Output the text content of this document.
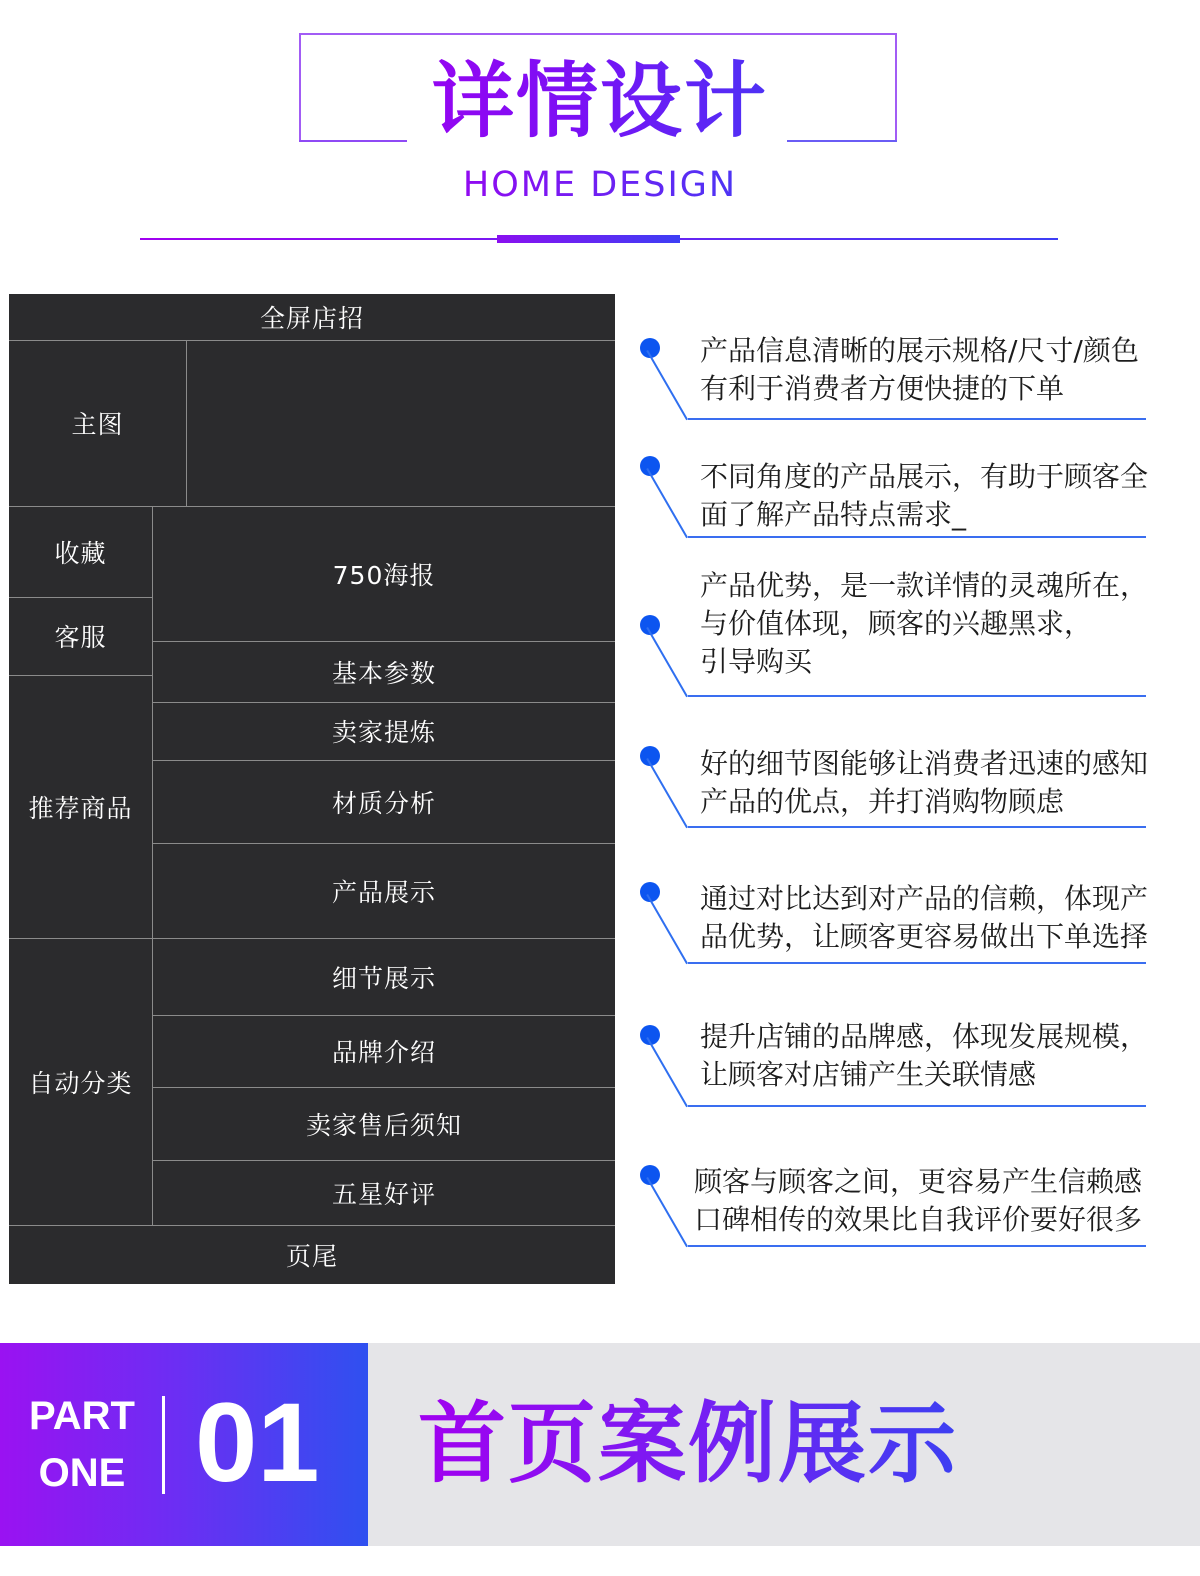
详情设计
HOME DESIGN
全屏店招
主图
收藏
客服
推荐商品
自动分类
750海报
基本参数
卖家提炼
材质分析
产品展示
细节展示
品牌介绍
卖家售后须知
五星好评
页尾
产品信息清晰的展示规格/尺寸/颜色
有利于消费者方便快捷的下单
不同角度的产品展示，有助于顾客全
面了解产品特点需求_
产品优势，是一款详情的灵魂所在，
与价值体现，顾客的兴趣黑求，
引导购买
好的细节图能够让消费者迅速的感知
产品的优点，并打消购物顾虑
通过对比达到对产品的信赖，体现产
品优势，让顾客更容易做出下单选择
提升店铺的品牌感，体现发展规模，
让顾客对店铺产生关联情感
顾客与顾客之间，更容易产生信赖感
口碑相传的效果比自我评价要好很多
PART
ONE 01 首页案例展示
